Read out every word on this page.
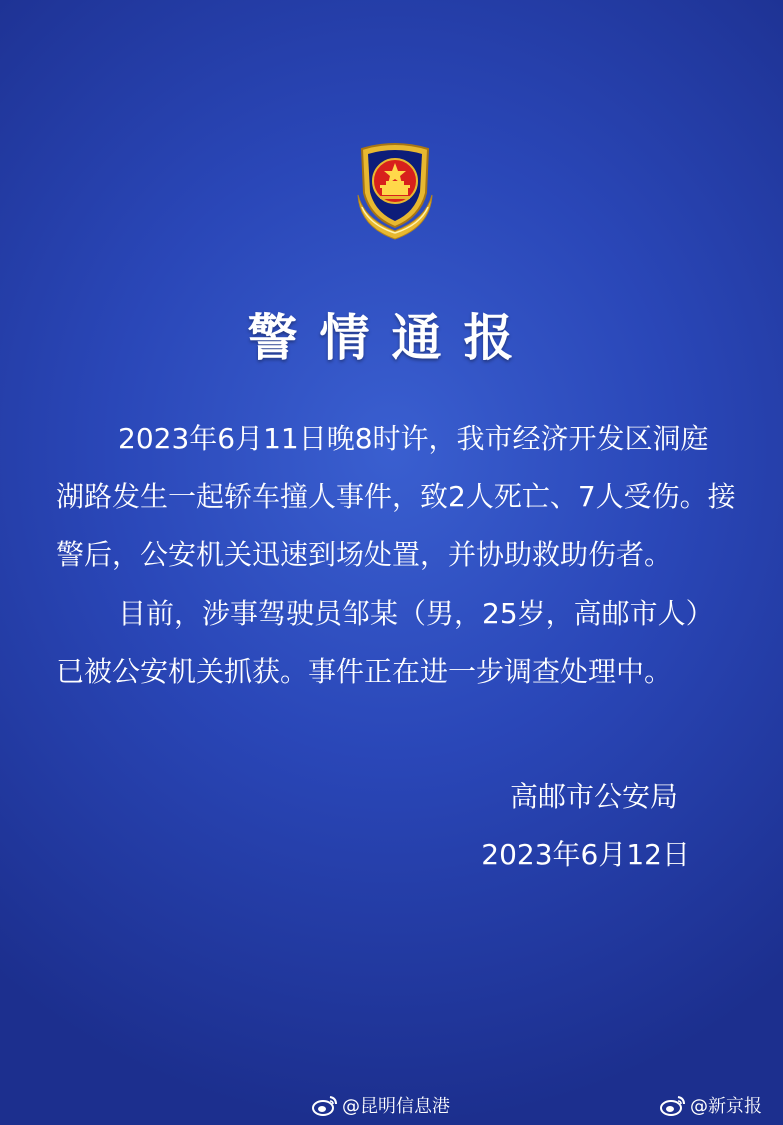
警情通报
2023年6月11日晚8时许，我市经济开发区洞庭湖路发生一起轿车撞人事件，致2人死亡、7人受伤。接警后，公安机关迅速到场处置，并协助救助伤者。
目前，涉事驾驶员邹某（男，25岁，高邮市人）已被公安机关抓获。事件正在进一步调查处理中。
高邮市公安局
2023年6月12日
@昆明信息港	@新京报
